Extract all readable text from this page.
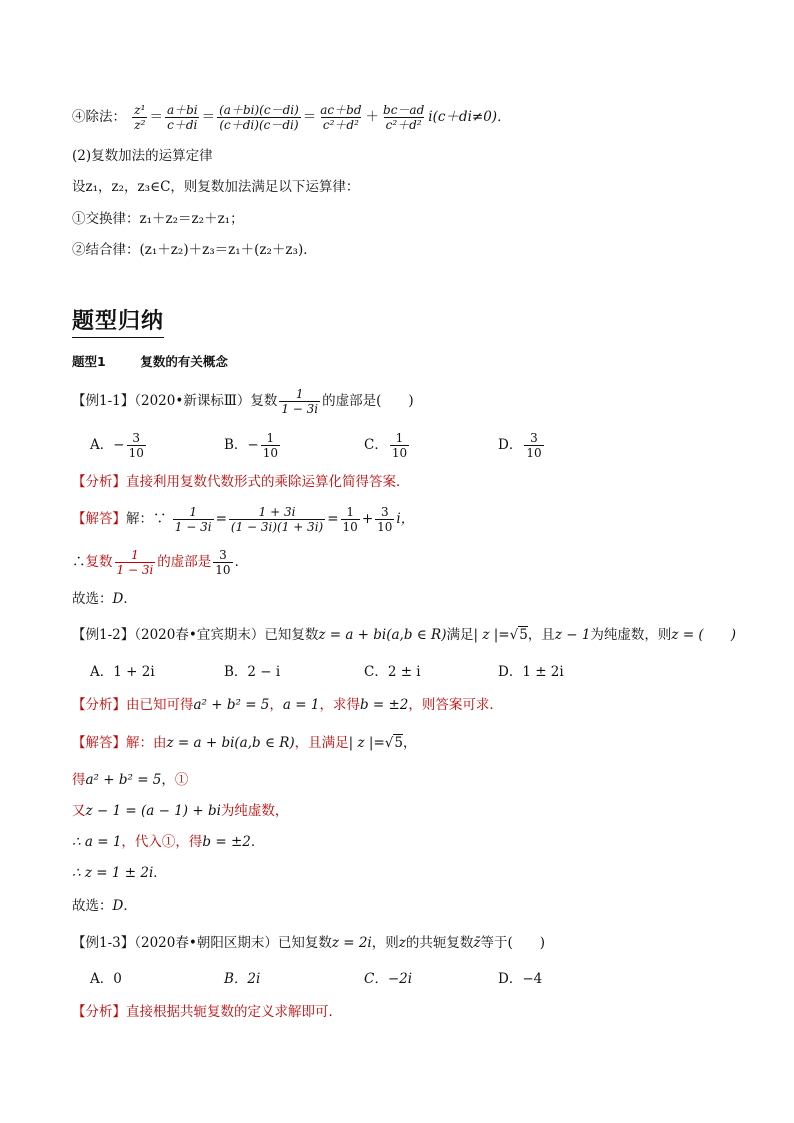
④除法： $\frac{\text{z¹}}{\text{z²}} = \frac{a+bi}{c+di} = \frac{(a+bi)(c-di)}{(c+di)(c-di)} = \frac{ac+bd}{\text{c²＋d²}} + \frac{bc-ad}{\text{c²＋d²}} i(c+di\ne 0)$．
(2)复数加法的运算定律
设z₁，z₂，z₃∈C，则复数加法满足以下运算律：
①交换律：z₁＋z₂＝z₂＋z₁；
②结合律：(z₁＋z₂)＋z₃＝z₁＋(z₂＋z₃)．
题型归纳
题型1	复数的有关概念
【例1-1】（2020•新课标Ⅲ）复数 $\frac{1}{1 - 3i}$ 的虚部是(　　)
A．− $\frac{3}{10}$	B．− $\frac{1}{10}$	C． $\frac{1}{10}$	D． $\frac{3}{10}$
【分析】直接利用复数代数形式的乘除运算化简得答案．
【解答】解：∵ $\frac{1}{1 - 3i} = \frac{1 + 3i}{(1 - 3i)(1 + 3i)} = \frac{1}{10} + \frac{3}{10}$ i，
∴复数 $\frac{1}{1 - 3i}$ 的虚部是 $\frac{3}{10}$ ．
故选：D．
【例1-2】（2020春•宜宾期末）已知复数z = a + bi(a,b ∈ R)满足| z |=√5，且z − 1为纯虚数，则z = (　　)
A．1 + 2i	B．2 − i	C．2 ± i	D．1 ± 2i
【分析】由已知可得a² + b² = 5，a = 1，求得b = ±2，则答案可求．
【解答】解：由z = a + bi(a,b ∈ R)，且满足| z |=√5，
得a² + b² = 5，①
又z − 1 = (a − 1) + bi为纯虚数，
∴ a = 1，代入①，得b = ±2．
∴ z = 1 ± 2i．
故选：D．
【例1-3】（2020春•朝阳区期末）已知复数z = 2i，则z的共轭复数z̄等于(　　)
A．0	B．2i	C．−2i	D．−4
【分析】直接根据共轭复数的定义求解即可．
